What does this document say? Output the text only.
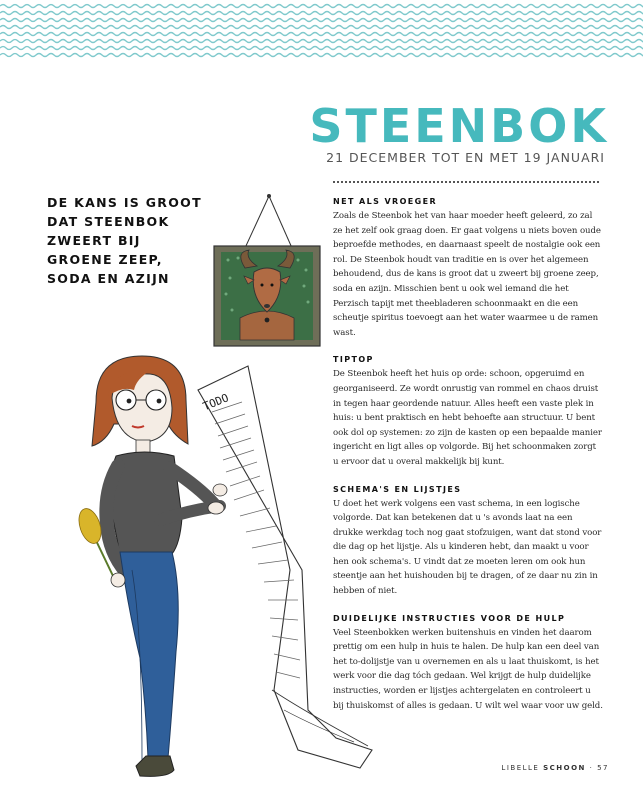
STEENBOK
21 DECEMBER TOT EN MET 19 JANUARI
DE KANS IS GROOT
DAT STEENBOK
ZWEERT BIJ
GROENE ZEEP,
SODA EN AZIJN
TODO
NET ALS VROEGER

Zoals de Steenbok het van haar moeder heeft geleerd, zo zal ze het zelf ook graag doen. Er gaat volgens u niets boven oude beproefde methodes, en daarnaast speelt de nostalgie ook een rol. De Steenbok houdt van traditie en is over het algemeen behoudend, dus de kans is groot dat u zweert bij groene zeep, soda en azijn. Misschien bent u ook wel iemand die het Perzisch tapijt met theebladeren schoonmaakt en die een scheutje spiritus toevoegt aan het water waarmee u de ramen wast.

TIPTOP

De Steenbok heeft het huis op orde: schoon, opgeruimd en georganiseerd. Ze wordt onrustig van rommel en chaos druist in tegen haar geordende natuur. Alles heeft een vaste plek in huis: u bent praktisch en hebt behoefte aan structuur. U bent ook dol op systemen: zo zijn de kasten op een bepaalde manier ingericht en ligt alles op volgorde. Bij het schoonmaken zorgt u ervoor dat u overal makkelijk bij kunt.

SCHEMA'S EN LIJSTJES

U doet het werk volgens een vast schema, in een logische volgorde. Dat kan betekenen dat u 's avonds laat na een drukke werkdag toch nog gaat stofzuigen, want dat stond voor die dag op het lijstje. Als u kinderen hebt, dan maakt u voor hen ook schema's. U vindt dat ze moeten leren om ook hun steentje aan het huishouden bij te dragen, of ze daar nu zin in hebben of niet.

DUIDELIJKE INSTRUCTIES VOOR DE HULP

Veel Steenbokken werken buitenshuis en vinden het daarom prettig om een hulp in huis te halen. De hulp kan een deel van het to-dolijstje van u overnemen en als u laat thuiskomt, is het werk voor die dag tóch gedaan. Wel krijgt de hulp duidelijke instructies, worden er lijstjes achtergelaten en controleert u bij thuiskomst of alles is gedaan. U wilt wel waar voor uw geld.

LIBELLE SCHOON · 57
